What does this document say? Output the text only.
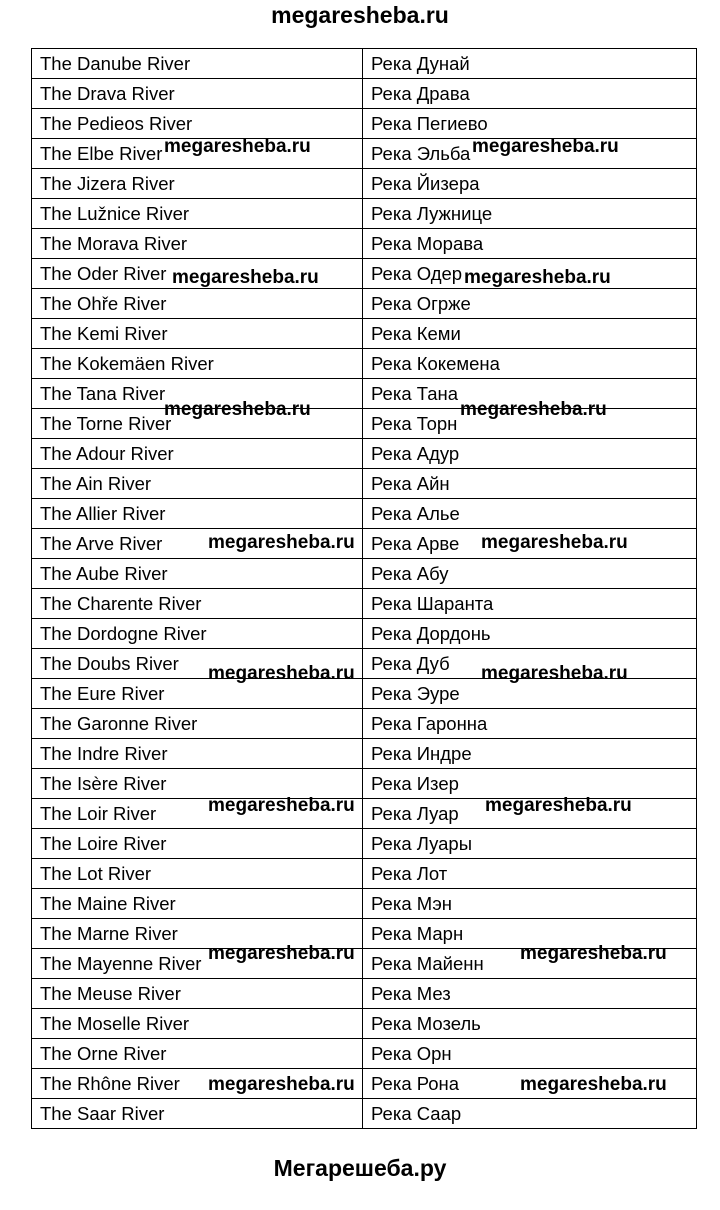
megaresheba.ru
The Danube River	Река Дунай
The Drava River	Река Драва
The Pedieos River	Река Пегиево
The Elbe River	Река Эльба
The Jizera River	Река Йизера
The Lužnice River	Река Лужнице
The Morava River	Река Морава
The Oder River	Река Одер
The Ohře River	Река Огрже
The Kemi River	Река Кеми
The Kokemäen River	Река Кокемена
The Tana River	Река Тана
The Torne River	Река Торн
The Adour River	Река Адур
The Ain River	Река Айн
The Allier River	Река Алье
The Arve River	Река Арве
The Aube River	Река Абу
The Charente River	Река Шаранта
The Dordogne River	Река Дордонь
The Doubs River	Река Дуб
The Eure River	Река Эуре
The Garonne River	Река Гаронна
The Indre River	Река Индре
The Isère River	Река Изер
The Loir River	Река Луар
The Loire River	Река Луары
The Lot River	Река Лот
The Maine River	Река Мэн
The Marne River	Река Марн
The Mayenne River	Река Майенн
The Meuse River	Река Мез
The Moselle River	Река Мозель
The Orne River	Река Орн
The Rhône River	Река Рона
The Saar River	Река Саар
megaresheba.ru	megaresheba.ru
megaresheba.ru	megaresheba.ru
megaresheba.ru	megaresheba.ru
megaresheba.ru	megaresheba.ru
megaresheba.ru	megaresheba.ru
megaresheba.ru	megaresheba.ru
megaresheba.ru	megaresheba.ru
megaresheba.ru	megaresheba.ru
Мегарешеба.ру
